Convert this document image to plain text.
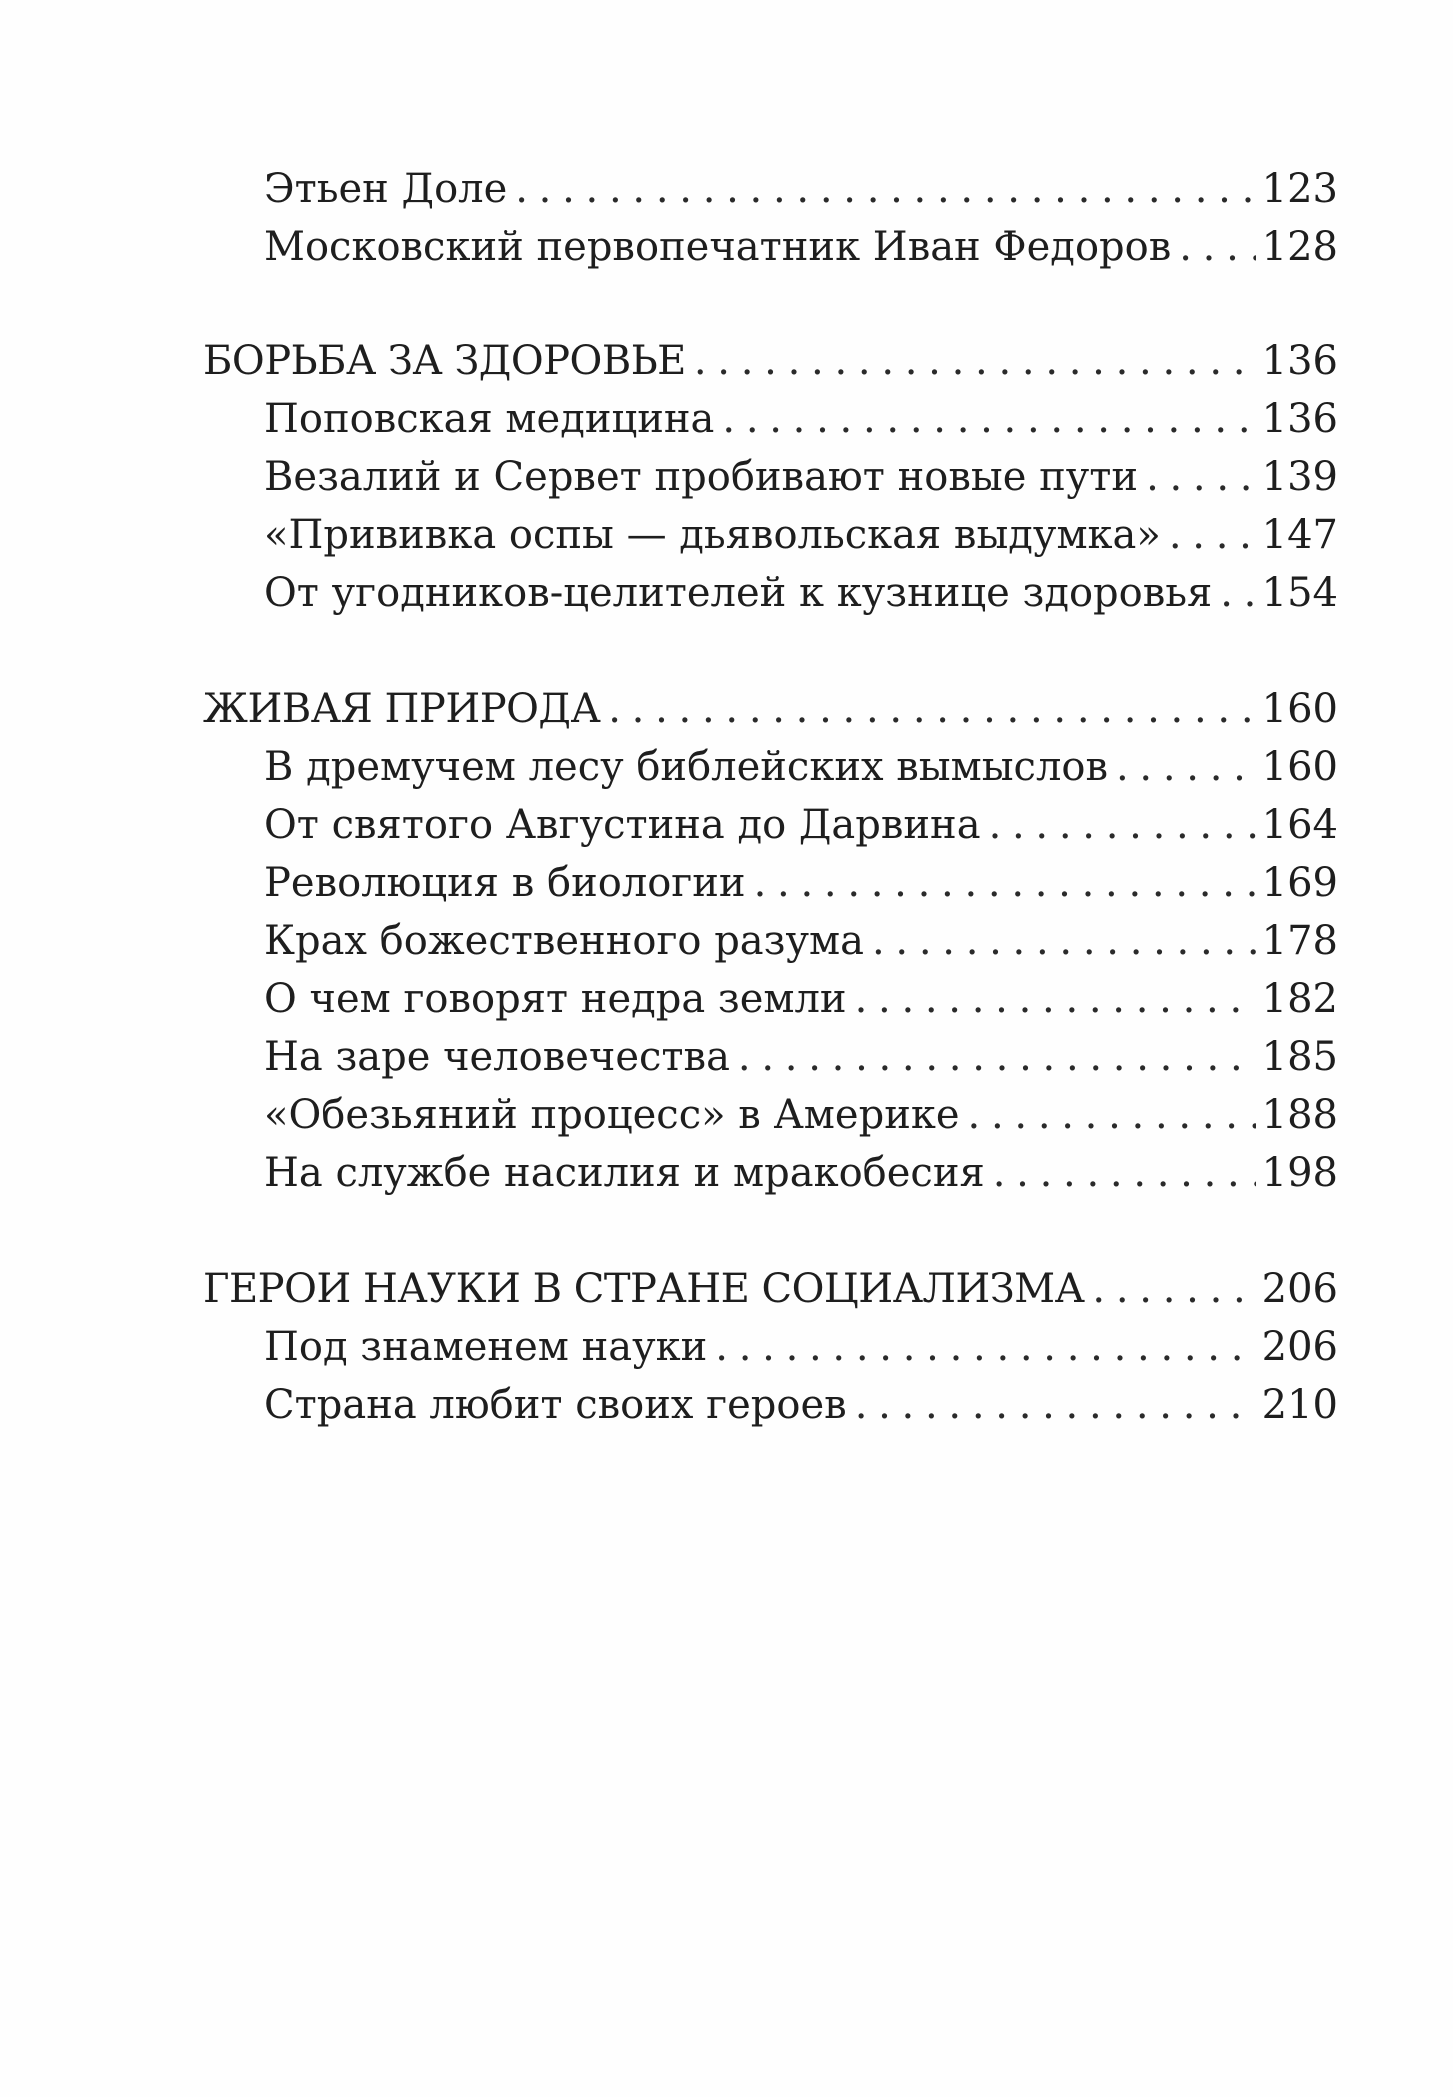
Этьен Доле . . .	123
Московский первопечатник Иван Федоров . . . 128
БОРЬБА ЗА ЗДОРОВЬЕ . . .	136
Поповская медицина . . .	136
Везалий и Сервет пробивают новые пути . . .	139
«Прививка оспы — дьявольская выдумка» . . .	147
От угодников-целителей к кузнице здоровья . . . 154
ЖИВАЯ ПРИРОДА . . .	160
В дремучем лесу библейских вымыслов . . .	160
От святого Августина до Дарвина . . .	164
Революция в биологии . . .	169
Крах божественного разума . . .	178
О чем говорят недра земли . . .	182
На заре человечества . . .	185
«Обезьяний процесс» в Америке . . .	188
На службе насилия и мракобесия . . .	198
ГЕРОИ НАУКИ В СТРАНЕ СОЦИАЛИЗМА . . .	206
Под знаменем науки . . .	206
Страна любит своих героев . . .	210
